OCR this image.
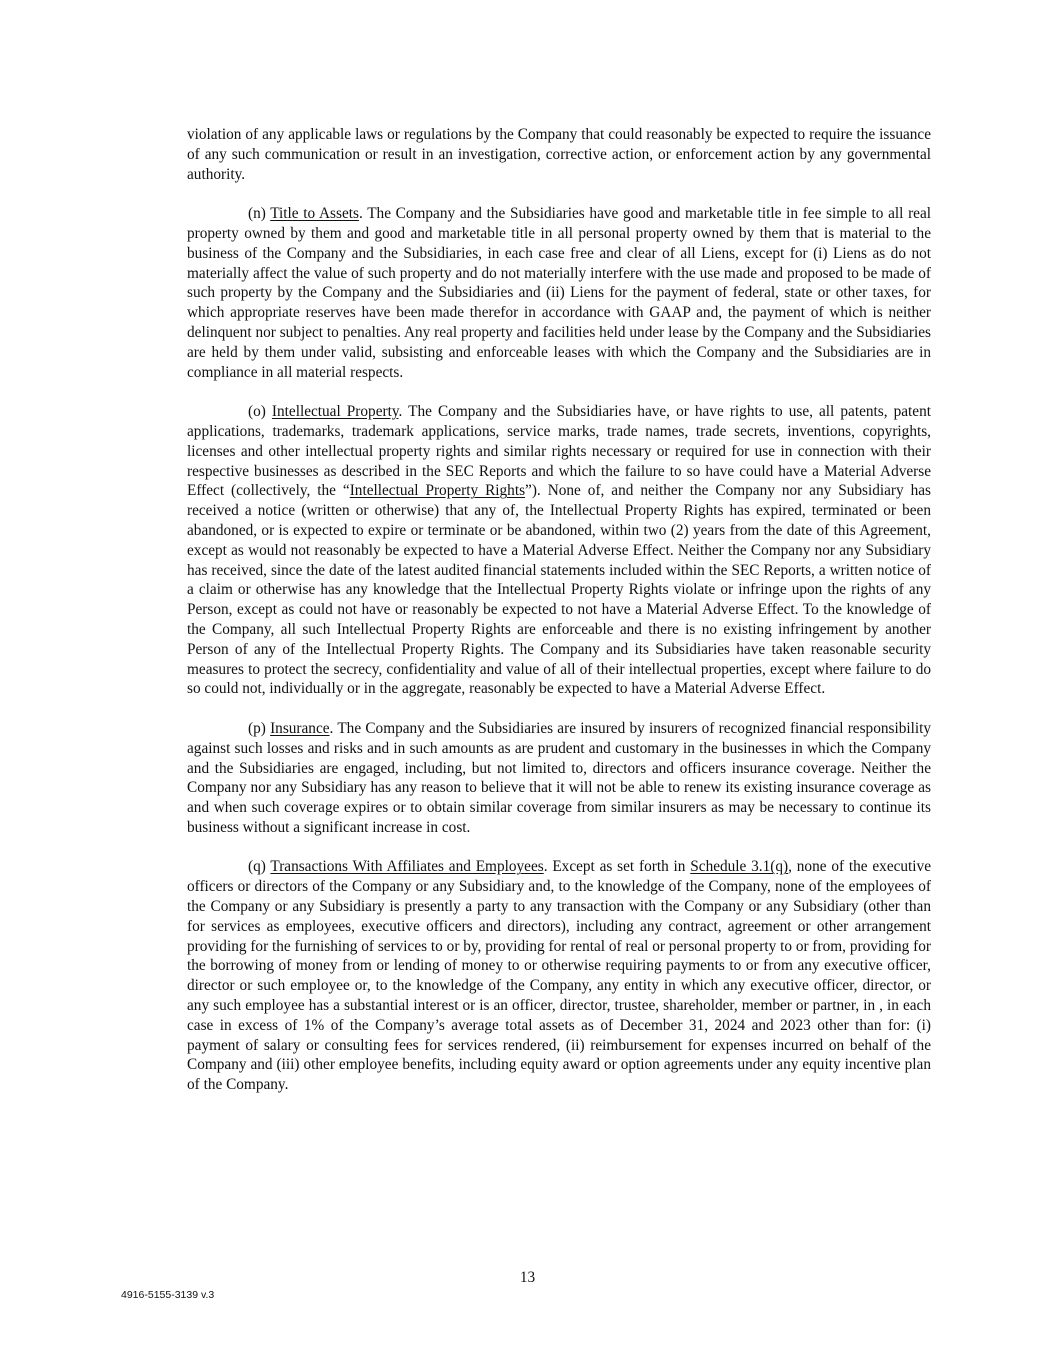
violation of any applicable laws or regulations by the Company that could reasonably be expected to require the issuance of any such communication or result in an investigation, corrective action, or enforcement action by any governmental authority.

(n) Title to Assets. The Company and the Subsidiaries have good and marketable title in fee simple to all real property owned by them and good and marketable title in all personal property owned by them that is material to the business of the Company and the Subsidiaries, in each case free and clear of all Liens, except for (i) Liens as do not materially affect the value of such property and do not materially interfere with the use made and proposed to be made of such property by the Company and the Subsidiaries and (ii) Liens for the payment of federal, state or other taxes, for which appropriate reserves have been made therefor in accordance with GAAP and, the payment of which is neither delinquent nor subject to penalties. Any real property and facilities held under lease by the Company and the Subsidiaries are held by them under valid, subsisting and enforceable leases with which the Company and the Subsidiaries are in compliance in all material respects.

(o) Intellectual Property. The Company and the Subsidiaries have, or have rights to use, all patents, patent applications, trademarks, trademark applications, service marks, trade names, trade secrets, inventions, copyrights, licenses and other intellectual property rights and similar rights necessary or required for use in connection with their respective businesses as described in the SEC Reports and which the failure to so have could have a Material Adverse Effect (collectively, the “Intellectual Property Rights”). None of, and neither the Company nor any Subsidiary has received a notice (written or otherwise) that any of, the Intellectual Property Rights has expired, terminated or been abandoned, or is expected to expire or terminate or be abandoned, within two (2) years from the date of this Agreement, except as would not reasonably be expected to have a Material Adverse Effect. Neither the Company nor any Subsidiary has received, since the date of the latest audited financial statements included within the SEC Reports, a written notice of a claim or otherwise has any knowledge that the Intellectual Property Rights violate or infringe upon the rights of any Person, except as could not have or reasonably be expected to not have a Material Adverse Effect. To the knowledge of the Company, all such Intellectual Property Rights are enforceable and there is no existing infringement by another Person of any of the Intellectual Property Rights. The Company and its Subsidiaries have taken reasonable security measures to protect the secrecy, confidentiality and value of all of their intellectual properties, except where failure to do so could not, individually or in the aggregate, reasonably be expected to have a Material Adverse Effect.

(p) Insurance. The Company and the Subsidiaries are insured by insurers of recognized financial responsibility against such losses and risks and in such amounts as are prudent and customary in the businesses in which the Company and the Subsidiaries are engaged, including, but not limited to, directors and officers insurance coverage. Neither the Company nor any Subsidiary has any reason to believe that it will not be able to renew its existing insurance coverage as and when such coverage expires or to obtain similar coverage from similar insurers as may be necessary to continue its business without a significant increase in cost.

(q) Transactions With Affiliates and Employees. Except as set forth in Schedule 3.1(q), none of the executive officers or directors of the Company or any Subsidiary and, to the knowledge of the Company, none of the employees of the Company or any Subsidiary is presently a party to any transaction with the Company or any Subsidiary (other than for services as employees, executive officers and directors), including any contract, agreement or other arrangement providing for the furnishing of services to or by, providing for rental of real or personal property to or from, providing for the borrowing of money from or lending of money to or otherwise requiring payments to or from any executive officer, director or such employee or, to the knowledge of the Company, any entity in which any executive officer, director, or any such employee has a substantial interest or is an officer, director, trustee, shareholder, member or partner, in , in each case in excess of 1% of the Company’s average total assets as of December 31, 2024 and 2023 other than for: (i) payment of salary or consulting fees for services rendered, (ii) reimbursement for expenses incurred on behalf of the Company and (iii) other employee benefits, including equity award or option agreements under any equity incentive plan of the Company.

13
4916-5155-3139 v.3
